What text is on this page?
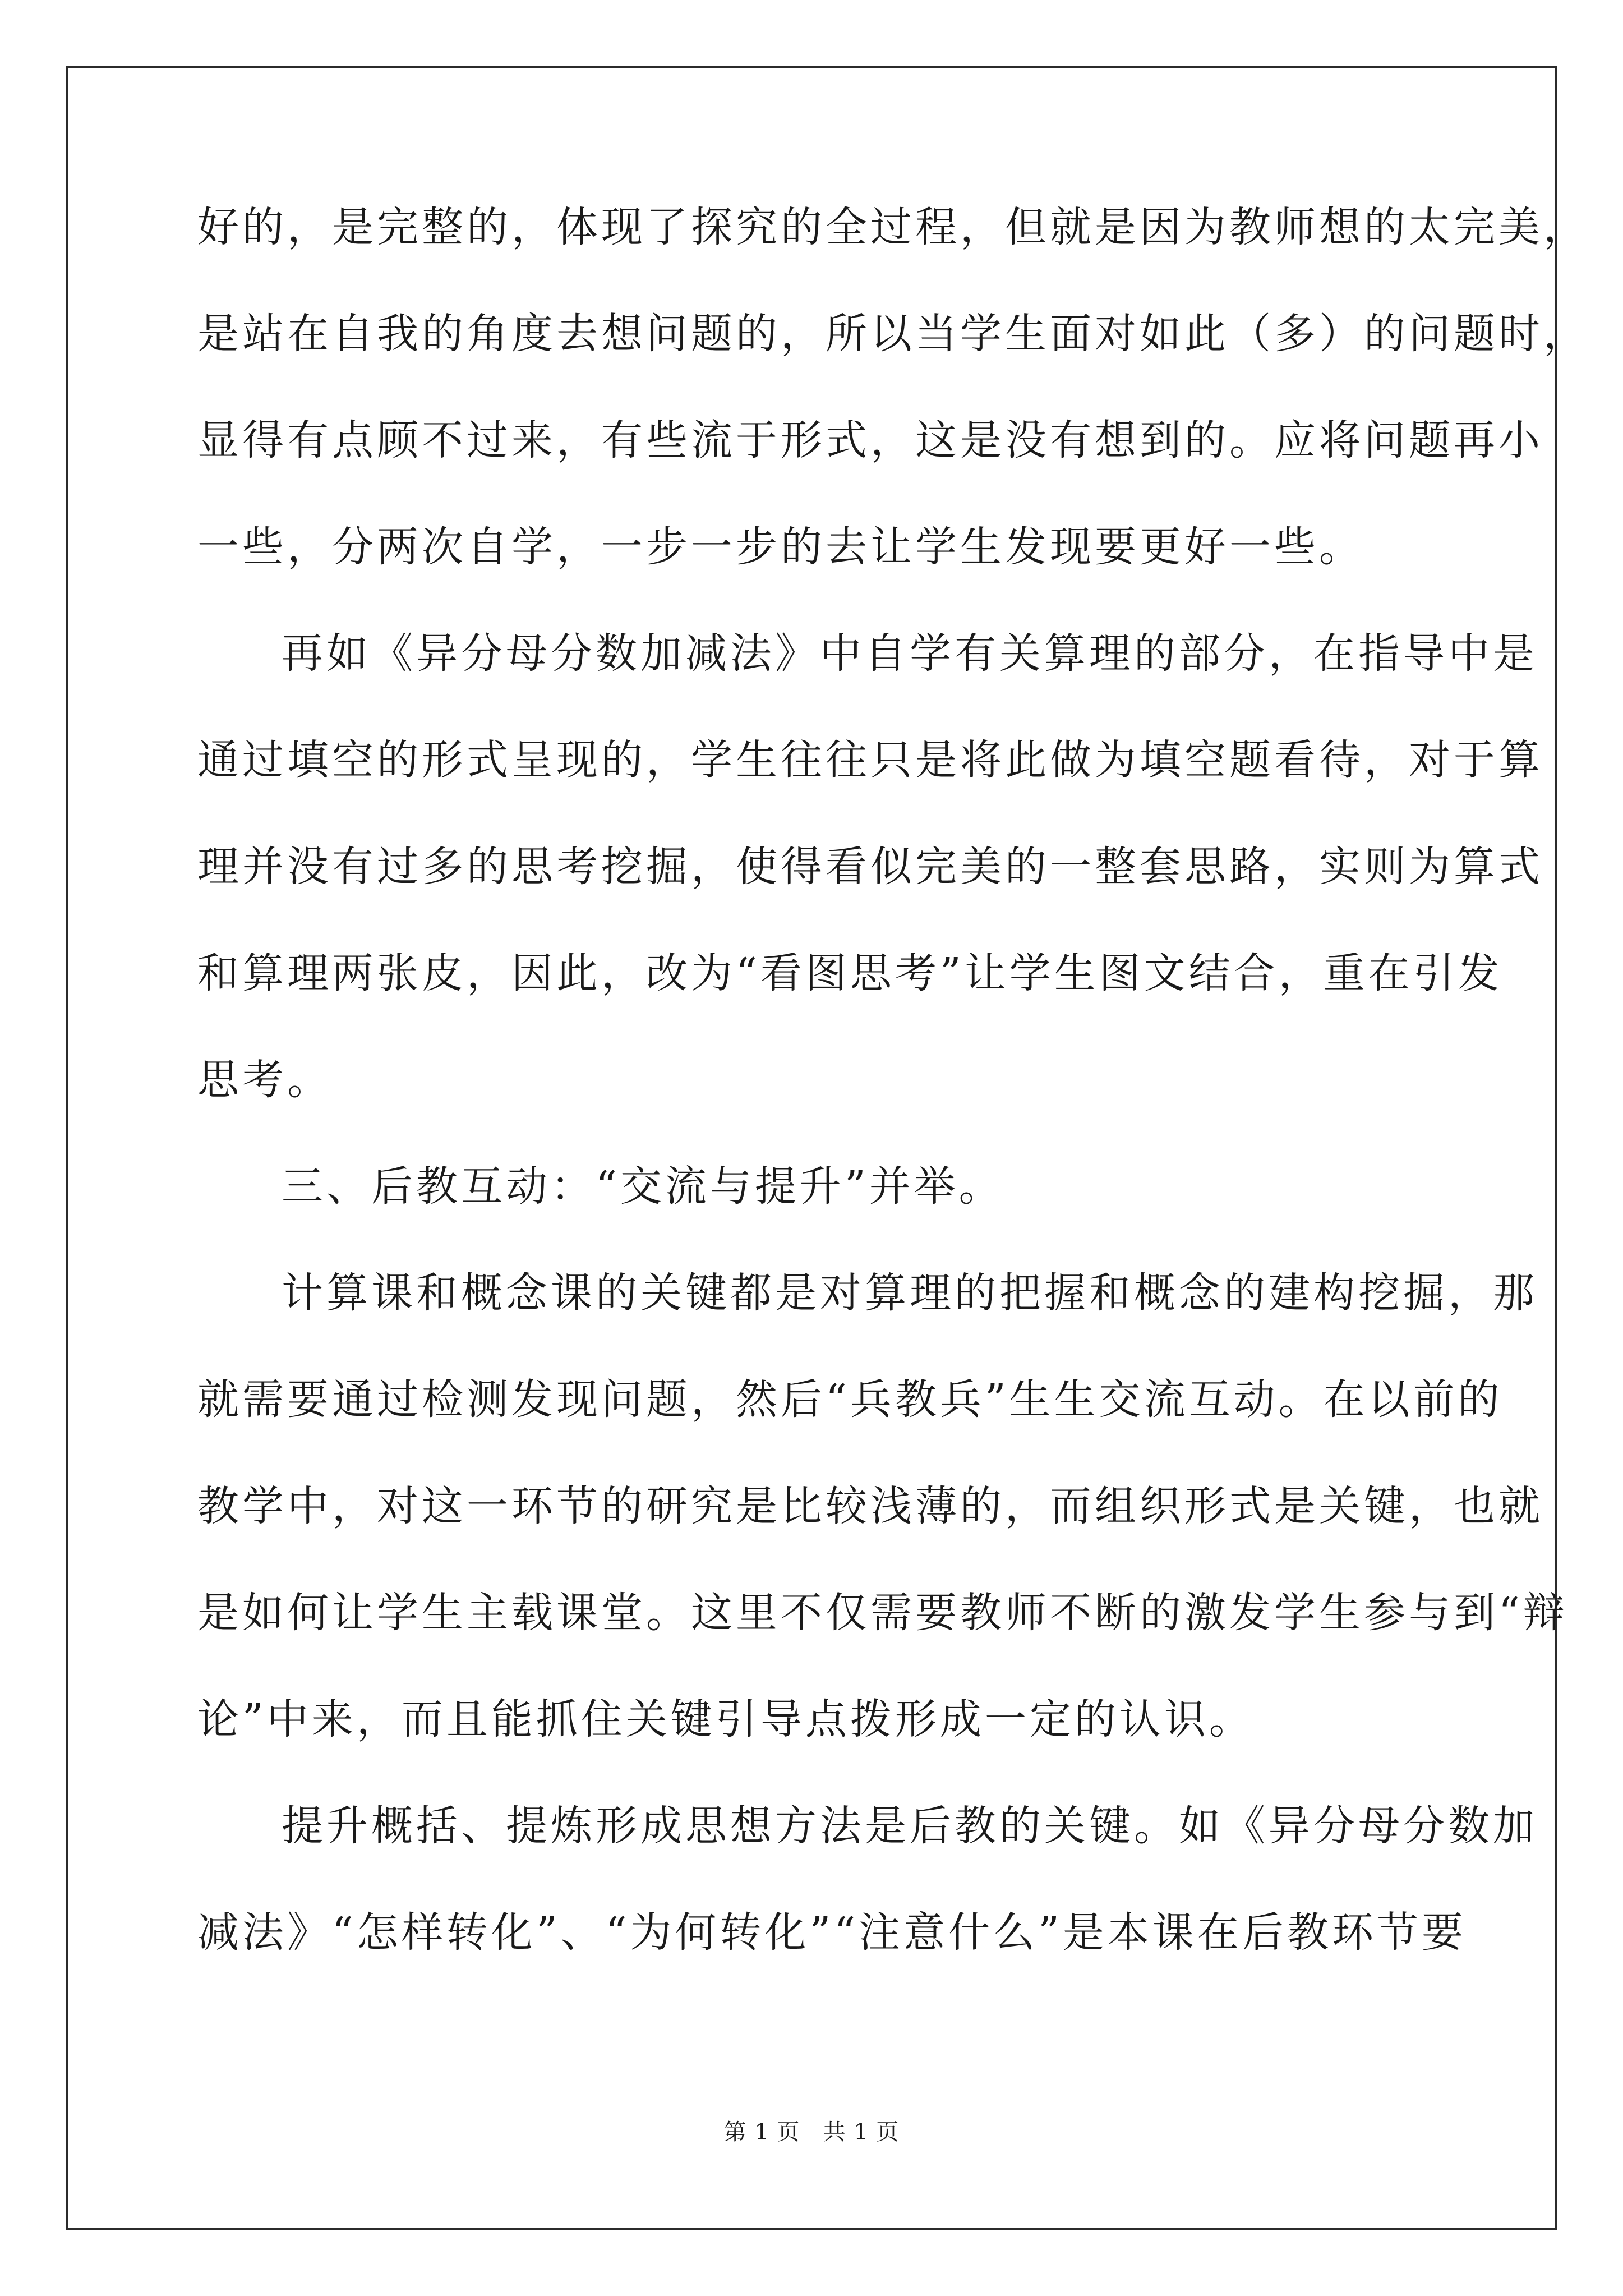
好的，是完整的，体现了探究的全过程，但就是因为教师想的太完美，
是站在自我的角度去想问题的，所以当学生面对如此（多）的问题时，
显得有点顾不过来，有些流于形式，这是没有想到的。应将问题再小
一些，分两次自学，一步一步的去让学生发现要更好一些。
再如《异分母分数加减法》中自学有关算理的部分，在指导中是
通过填空的形式呈现的，学生往往只是将此做为填空题看待，对于算
理并没有过多的思考挖掘，使得看似完美的一整套思路，实则为算式
和算理两张皮，因此，改为“看图思考”让学生图文结合，重在引发
思考。
三、后教互动：“交流与提升”并举。
计算课和概念课的关键都是对算理的把握和概念的建构挖掘，那
就需要通过检测发现问题，然后“兵教兵”生生交流互动。在以前的
教学中，对这一环节的研究是比较浅薄的，而组织形式是关键，也就
是如何让学生主载课堂。这里不仅需要教师不断的激发学生参与到“辩
论”中来，而且能抓住关键引导点拨形成一定的认识。
提升概括、提炼形成思想方法是后教的关键。如《异分母分数加
减法》“怎样转化”、“为何转化”“注意什么”是本课在后教环节要
第 1 页　共 1 页
